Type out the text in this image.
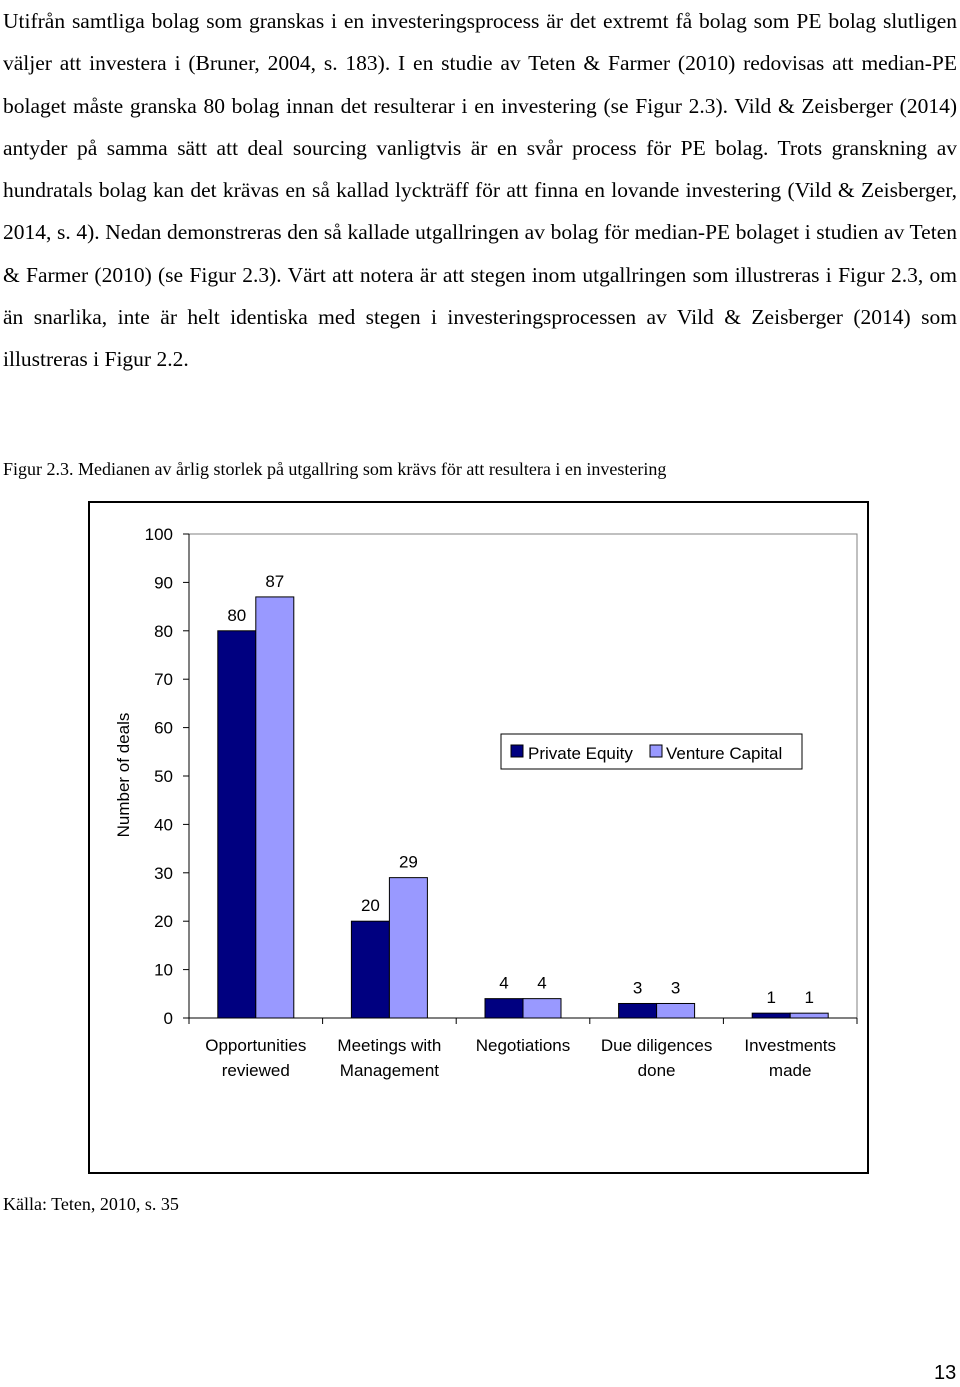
Utifrån samtliga bolag som granskas i en investeringsprocess är det extremt få bolag som PE bolag slutligen väljer att investera i (Bruner, 2004, s. 183). I en studie av Teten & Farmer (2010) redovisas att median-PE bolaget måste granska 80 bolag innan det resulterar i en investering (se Figur 2.3). Vild & Zeisberger (2014) antyder på samma sätt att deal sourcing vanligtvis är en svår process för PE bolag. Trots granskning av hundratals bolag kan det krävas en så kallad lyckträff för att finna en lovande investering (Vild & Zeisberger, 2014, s. 4). Nedan demonstreras den så kallade utgallringen av bolag för median-PE bolaget i studien av Teten & Farmer (2010) (se Figur 2.3). Värt att notera är att stegen inom utgallringen som illustreras i Figur 2.3, om än snarlika, inte är helt identiska med stegen i investeringsprocessen av Vild & Zeisberger (2014) som illustreras i Figur 2.2.

Figur 2.3. Medianen av årlig storlek på utgallring som krävs för att resultera i en investering
0
10
20
30
40
50
60
70
80
90
100
80
20
4	3
1
87
29
4	3
1
Opportunities reviewed
Meetings with Management
Negotiations Due diligences done
Investments made
Number of deals	Private Equity Venture Capital
Källa: Teten, 2010, s. 35
13
